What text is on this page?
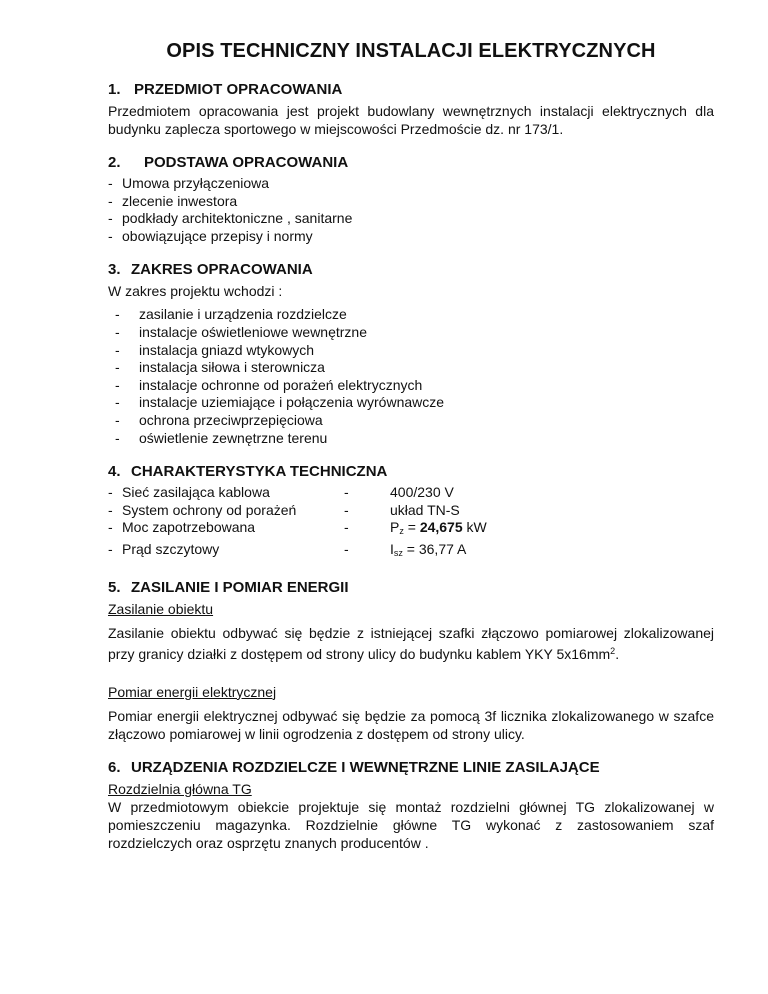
OPIS TECHNICZNY INSTALACJI ELEKTRYCZNYCH
1. PRZEDMIOT OPRACOWANIA

Przedmiotem opracowania jest projekt budowlany wewnętrznych instalacji elektrycznych dla budynku zaplecza sportowego w miejscowości Przedmoście dz. nr 173/1.

2.	PODSTAWA OPRACOWANIA
- Umowa przyłączeniowa
- zlecenie inwestora
- podkłady architektoniczne , sanitarne
- obowiązujące przepisy i normy
3. ZAKRES OPRACOWANIA

W zakres projektu wchodzi :

-	zasilanie i urządzenia rozdzielcze
-	instalacje oświetleniowe wewnętrzne
-	instalacja gniazd wtykowych
-	instalacja siłowa i sterownicza
-	instalacje ochronne od porażeń elektrycznych
-	instalacje uziemiające i połączenia wyrównawcze
-	ochrona przeciwprzepięciowa
-	oświetlenie zewnętrzne terenu
4. CHARAKTERYSTYKA TECHNICZNA
- Sieć zasilająca kablowa	-	400/230 V
- System ochrony od porażeń	-	układ TN-S
- Moc zapotrzebowana	-	$P_z = 24,675$ kW
- Prąd szczytowy	-	$I_{sz} = 36,77$ A
5. ZASILANIE I POMIAR ENERGII

Zasilanie obiektu

Zasilanie obiektu odbywać się będzie z istniejącej szafki złączowo pomiarowej zlokalizowanej przy granicy działki z dostępem od strony ulicy do budynku kablem YKY $5x16mm^2$.

Pomiar energii elektrycznej

Pomiar energii elektrycznej odbywać się będzie za pomocą 3f licznika zlokalizowanego w szafce złączowo pomiarowej w linii ogrodzenia z dostępem od strony ulicy.

6. URZĄDZENIA ROZDZIELCZE I WEWNĘTRZNE LINIE ZASILAJĄCE

Rozdzielnia główna TG

W przedmiotowym obiekcie projektuje się montaż rozdzielni głównej TG zlokalizowanej w pomieszczeniu magazynka. Rozdzielnie główne TG wykonać z zastosowaniem szaf rozdzielczych oraz osprzętu znanych producentów .
